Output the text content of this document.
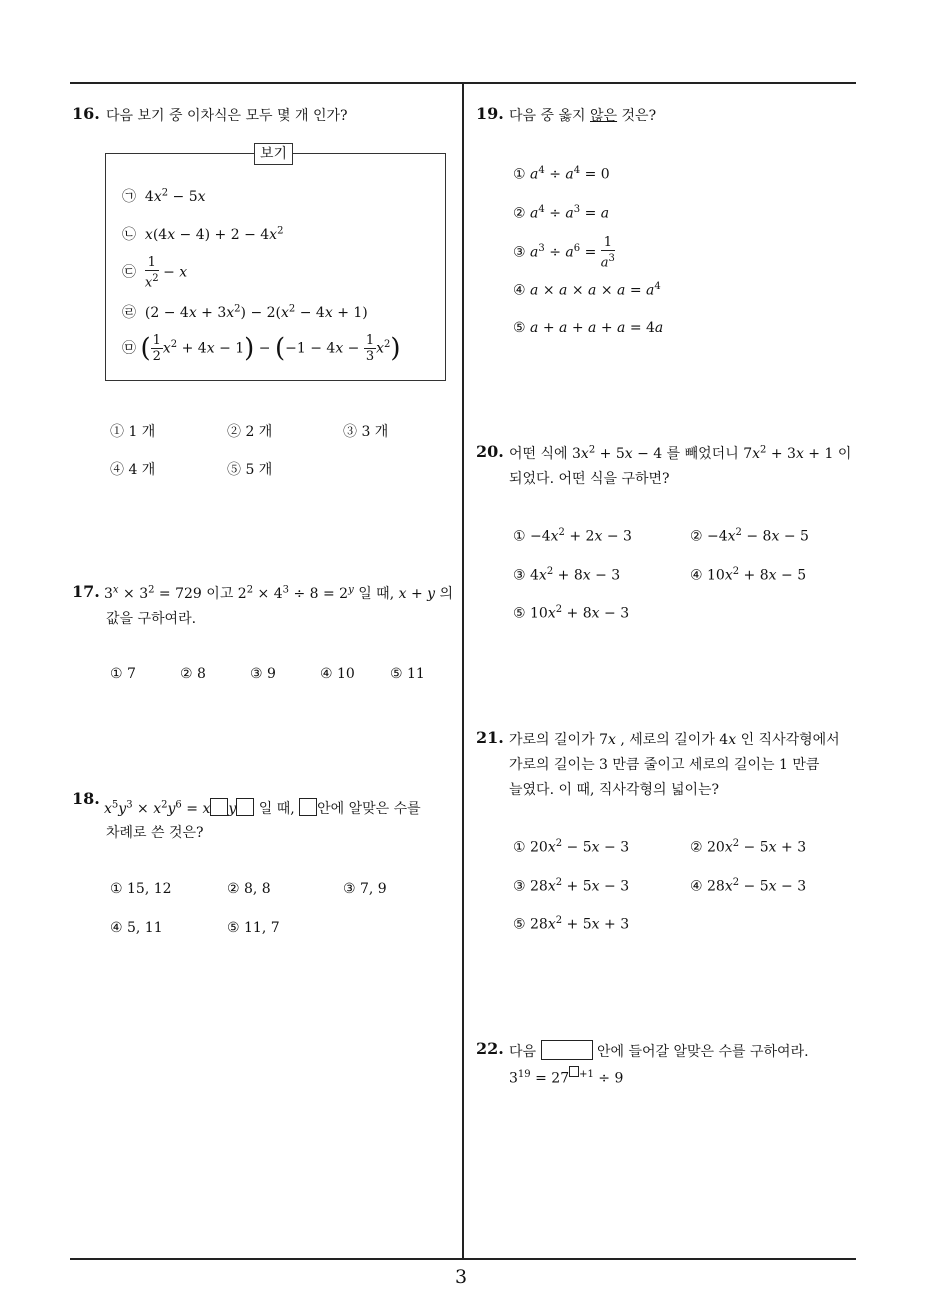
3
16. 다음 보기 중 이차식은 모두 몇 개 인가?
보기
㉠  $4x^2 - 5x$
㉡  $x(4x - 4) + 2 - 4x^2$
㉢ $\frac{1}{x^2} - x$
㉣  $(2 - 4x + 3x^2) - 2(x^2 - 4x + 1)$
㉤ ( $\frac{1}{2} x^2 + 4x - 1) - (-1 - 4x - \frac{1}{3} x^2)$
① 1 개	② 2 개	③ 3 개
④ 4 개	⑤ 5 개
17. $3^x \times 3^2 = 729$ 이고 $2^2 \times 4^3 \div 8 = 2^y$ 일 때, x + y 의
값을 구하여라.
① 7	② 8	③ 9	④ 10	⑤ 11
18.
$x^5y^3 \times x^2y^6 = x$ y 일 때, 안에 알맞은 수를
차례로 쓴 것은?
① 15, 12	② 8, 8	③ 7, 9
④ 5, 11	⑤ 11, 7
19. 다음 중 옳지 않은 것은?
① $a^4 \div a^4 = 0$
② $a^4 \div a^3 = a$
③ $a^3 \div a^6 = \frac{1}{a^3}$
④ $a \times a \times a \times a = a^4$
⑤ a + a + a + a = 4a
20. 어떤 식에 $3x^2 + 5x - 4$ 를 빼었더니 $7x^2 + 3x + 1$ 이
되었다. 어떤 식을 구하면?
① $-4x^2 + 2x - 3$	② $-4x^2 - 8x - 5$
③ $4x^2 + 8x - 3$	④ $10x^2 + 8x - 5$
⑤ $10x^2 + 8x - 3$
21. 가로의 길이가 7x , 세로의 길이가 4x 인 직사각형에서
가로의 길이는 3 만큼 줄이고 세로의 길이는 1 만큼
늘였다. 이 때, 직사각형의 넓이는?
① $20x^2 - 5x - 3$	② $20x^2 - 5x + 3$
③ $28x^2 + 5x - 3$	④ $28x^2 - 5x - 3$
⑤ $28x^2 + 5x + 3$
22. 다음	안에 들어갈 알맞은 수를 구하여라.
$3^{19} = 27$ $^{+1}$ ÷ 9
